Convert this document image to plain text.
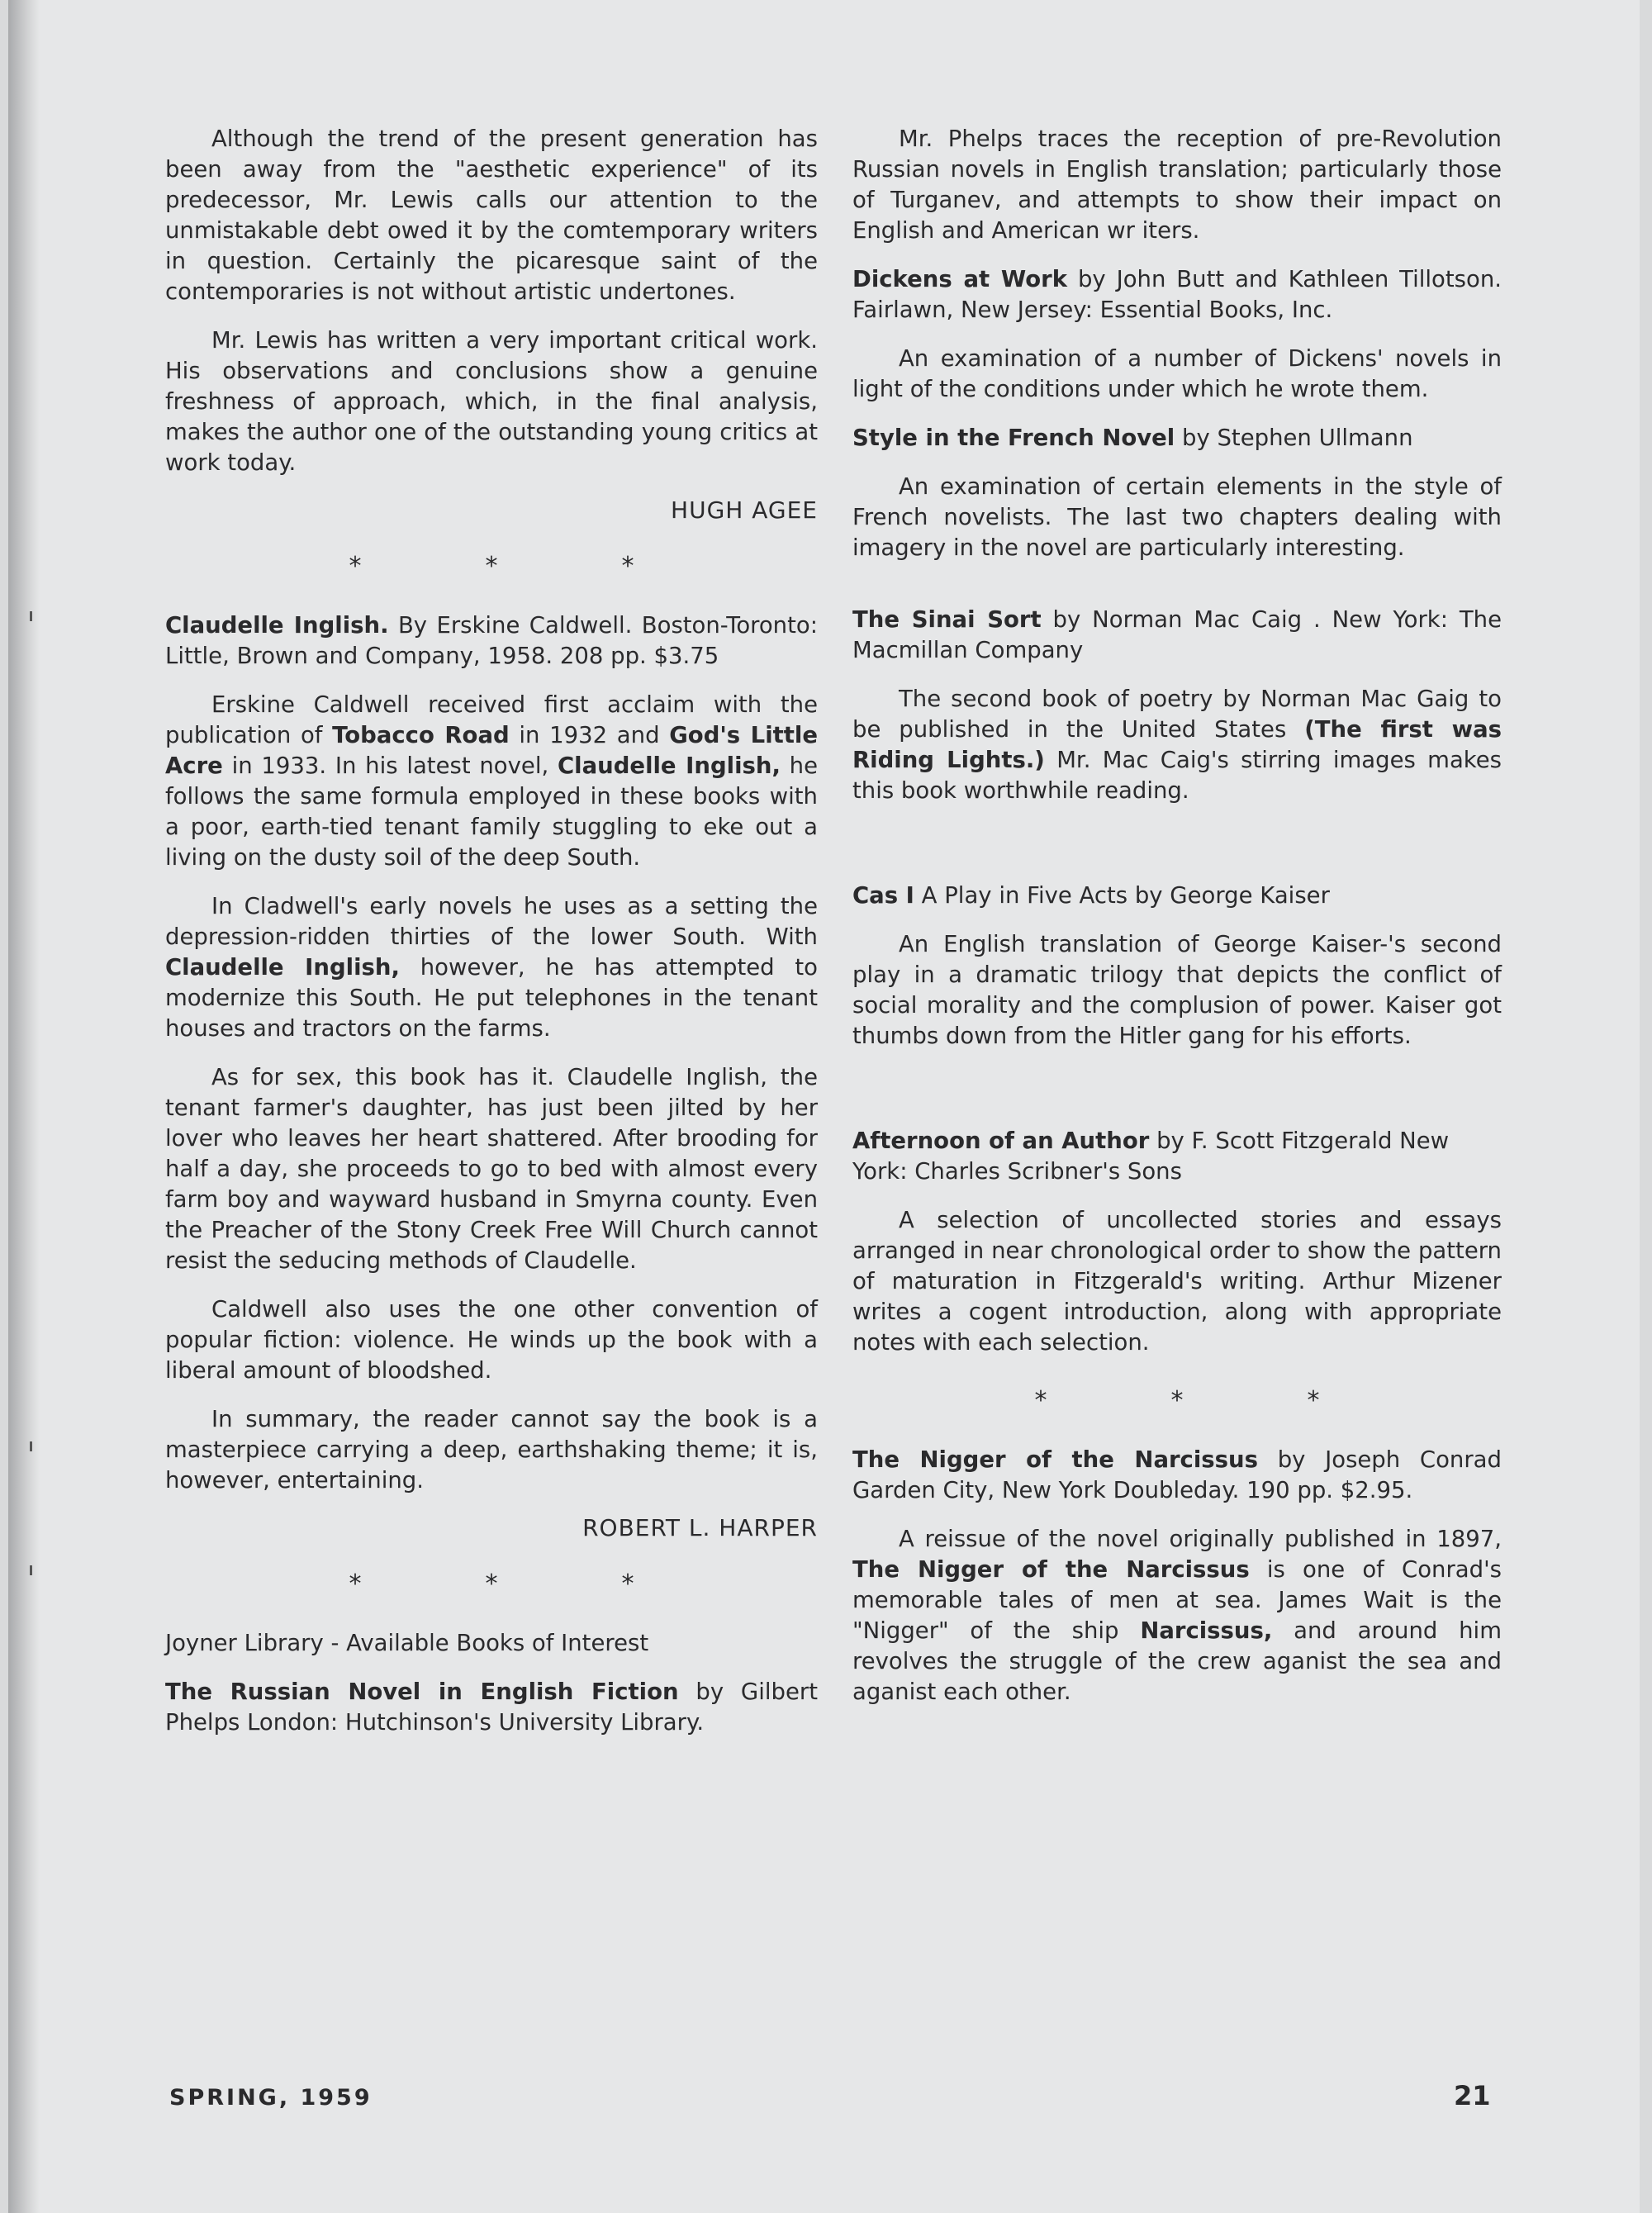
Although the trend of the present generation has been away from the "aesthetic experience" of its predecessor, Mr. Lewis calls our attention to the unmistakable debt owed it by the comtemporary writers in question. Certainly the picaresque saint of the contemporaries is not without artistic undertones.

Mr. Lewis has written a very important critical work. His observations and conclusions show a genuine freshness of approach, which, in the final analysis, makes the author one of the outstanding young critics at work today.

HUGH AGEE
*	*	*

Claudelle Inglish. By Erskine Caldwell. Boston-Toronto: Little, Brown and Company, 1958. 208 pp. $3.75

Erskine Caldwell received first acclaim with the publication of Tobacco Road in 1932 and God's Little Acre in 1933. In his latest novel, Claudelle Inglish, he follows the same formula employed in these books with a poor, earth-tied tenant family stuggling to eke out a living on the dusty soil of the deep South.

In Cladwell's early novels he uses as a setting the depression-ridden thirties of the lower South. With Claudelle Inglish, however, he has attempted to modernize this South. He put telephones in the tenant houses and tractors on the farms.

As for sex, this book has it. Claudelle Inglish, the tenant farmer's daughter, has just been jilted by her lover who leaves her heart shattered. After brooding for half a day, she proceeds to go to bed with almost every farm boy and wayward husband in Smyrna county. Even the Preacher of the Stony Creek Free Will Church cannot resist the seducing methods of Claudelle.

Caldwell also uses the one other convention of popular fiction: violence. He winds up the book with a liberal amount of bloodshed.

In summary, the reader cannot say the book is a masterpiece carrying a deep, earthshaking theme; it is, however, entertaining.

ROBERT L. HARPER
*	*	*

Joyner Library - Available Books of Interest

The Russian Novel in English Fiction by Gilbert Phelps London: Hutchinson's University Library.

Mr. Phelps traces the reception of pre-Revolution Russian novels in English translation; particularly those of Turganev, and attempts to show their impact on English and American wr iters.

Dickens at Work by John Butt and Kathleen Tillotson. Fairlawn, New Jersey: Essential Books, Inc.

An examination of a number of Dickens' novels in light of the conditions under which he wrote them.

Style in the French Novel by Stephen Ullmann

An examination of certain elements in the style of French novelists. The last two chapters dealing with imagery in the novel are particularly interesting.

The Sinai Sort by Norman Mac Caig . New York: The Macmillan Company

The second book of poetry by Norman Mac Gaig to be published in the United States (The first was Riding Lights.) Mr. Mac Caig's stirring images makes this book worthwhile reading.

Cas I A Play in Five Acts by George Kaiser

An English translation of George Kaiser-'s second play in a dramatic trilogy that depicts the conflict of social morality and the complusion of power. Kaiser got thumbs down from the Hitler gang for his efforts.

Afternoon of an Author by F. Scott Fitzgerald New York: Charles Scribner's Sons

A selection of uncollected stories and essays arranged in near chronological order to show the pattern of maturation in Fitzgerald's writing. Arthur Mizener writes a cogent introduction, along with appropriate notes with each selection.

*	*	*

The Nigger of the Narcissus by Joseph Conrad Garden City, New York Doubleday. 190 pp. $2.95.

A reissue of the novel originally published in 1897, The Nigger of the Narcissus is one of Conrad's memorable tales of men at sea. James Wait is the "Nigger" of the ship Narcissus, and around him revolves the struggle of the crew aganist the sea and aganist each other.

SPRING, 1959	21
